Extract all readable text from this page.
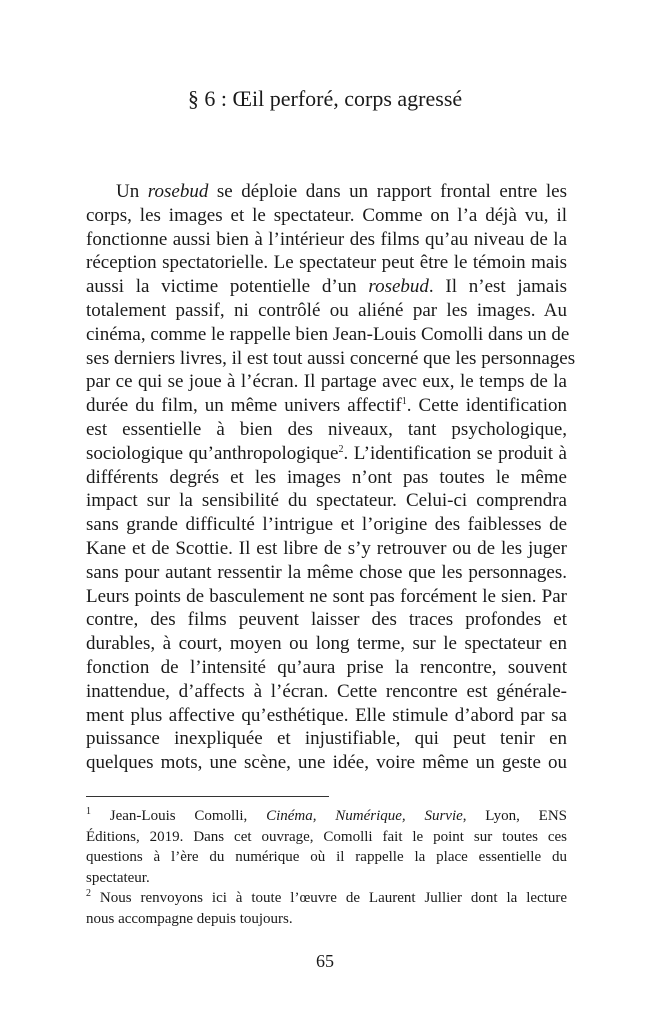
§ 6 : Œil perforé, corps agressé
Un rosebud se déploie dans un rapport frontal entre les
corps, les images et le spectateur. Comme on l’a déjà vu, il
fonctionne aussi bien à l’intérieur des films qu’au niveau de la
réception spectatorielle. Le spectateur peut être le témoin mais
aussi la victime potentielle d’un rosebud. Il n’est jamais
totalement passif, ni contrôlé ou aliéné par les images. Au
cinéma, comme le rappelle bien Jean-Louis Comolli dans un de
ses derniers livres, il est tout aussi concerné que les personnages
par ce qui se joue à l’écran. Il partage avec eux, le temps de la
durée du film, un même univers affectif$^1$. Cette identification
est essentielle à bien des niveaux, tant psychologique,
sociologique qu’anthropologique$^2$. L’identification se produit à
différents degrés et les images n’ont pas toutes le même
impact sur la sensibilité du spectateur. Celui-ci comprendra
sans grande difficulté l’intrigue et l’origine des faiblesses de
Kane et de Scottie. Il est libre de s’y retrouver ou de les juger
sans pour autant ressentir la même chose que les personnages.
Leurs points de basculement ne sont pas forcément le sien. Par
contre, des films peuvent laisser des traces profondes et
durables, à court, moyen ou long terme, sur le spectateur en
fonction de l’intensité qu’aura prise la rencontre, souvent
inattendue, d’affects à l’écran. Cette rencontre est générale-
ment plus affective qu’esthétique. Elle stimule d’abord par sa
puissance inexpliquée et injustifiable, qui peut tenir en
quelques mots, une scène, une idée, voire même un geste ou
$^1$ Jean-Louis Comolli, Cinéma, Numérique, Survie, Lyon, ENS
Éditions, 2019. Dans cet ouvrage, Comolli fait le point sur toutes ces
questions à l’ère du numérique où il rappelle la place essentielle du
spectateur.
$^2$ Nous renvoyons ici à toute l’œuvre de Laurent Jullier dont la lecture
nous accompagne depuis toujours.
65
